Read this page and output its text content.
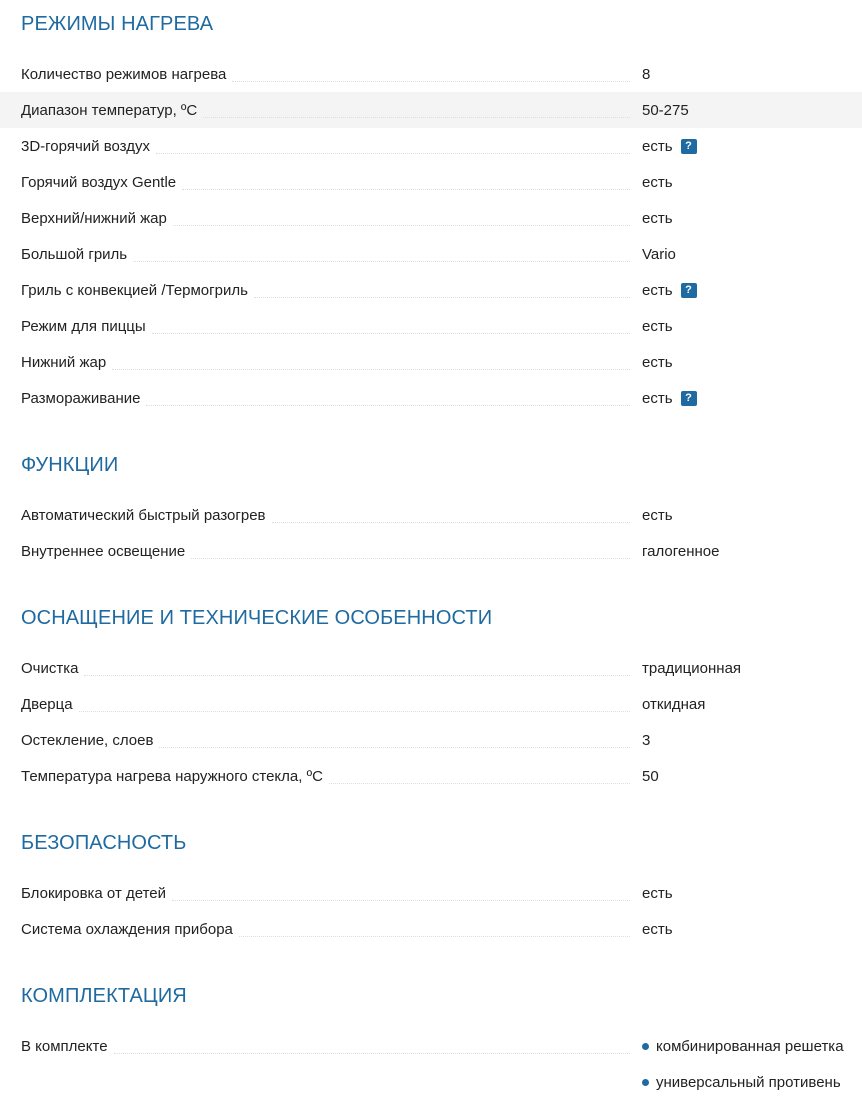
РЕЖИМЫ НАГРЕВА
Количество режимов нагрева	8
Диапазон температур, ºС	50-275
3D-горячий воздух	есть	?
Горячий воздух Gentle	есть
Верхний/нижний жар	есть
Большой гриль	Vario
Гриль с конвекцией /Термогриль	есть	?
Режим для пиццы	есть
Нижний жар	есть
Размораживание	есть	?
ФУНКЦИИ
Автоматический быстрый разогрев	есть
Внутреннее освещение	галогенное
ОСНАЩЕНИЕ И ТЕХНИЧЕСКИЕ ОСОБЕННОСТИ
Очистка	традиционная
Дверца	откидная
Остекление, слоев	3
Температура нагрева наружного стекла, ºС	50
БЕЗОПАСНОСТЬ
Блокировка от детей	есть
Система охлаждения прибора	есть
КОМПЛЕКТАЦИЯ
В комплекте	комбинированная решетка
универсальный противень
